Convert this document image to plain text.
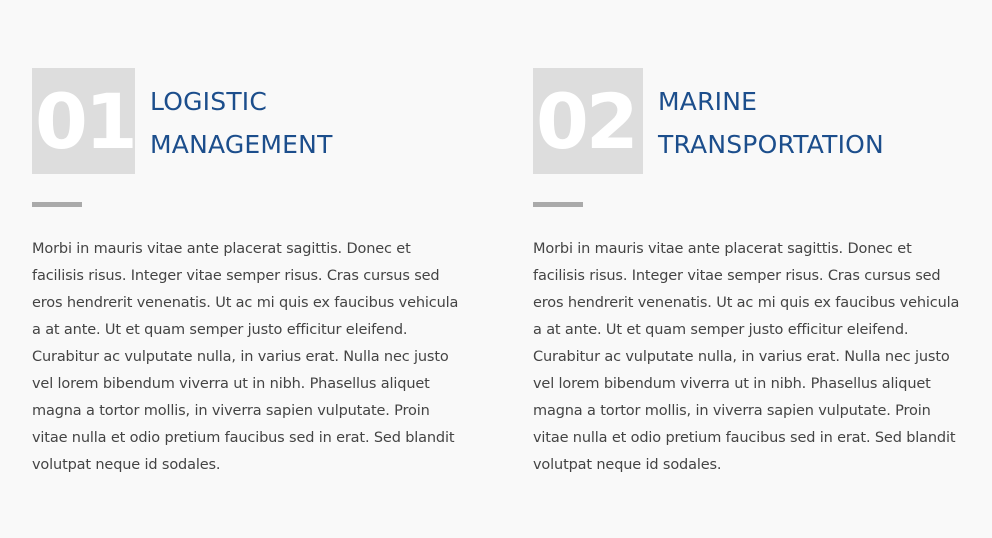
01 LOGISTIC
MANAGEMENT

Morbi in mauris vitae ante placerat sagittis. Donec et facilisis risus. Integer vitae semper risus. Cras cursus sed eros hendrerit venenatis. Ut ac mi quis ex faucibus vehicula a at ante. Ut et quam semper justo efficitur eleifend. Curabitur ac vulputate nulla, in varius erat. Nulla nec justo vel lorem bibendum viverra ut in nibh. Phasellus aliquet magna a tortor mollis, in viverra sapien vulputate. Proin vitae nulla et odio pretium faucibus sed in erat. Sed blandit volutpat neque id sodales.

02 MARINE
TRANSPORTATION

Morbi in mauris vitae ante placerat sagittis. Donec et facilisis risus. Integer vitae semper risus. Cras cursus sed eros hendrerit venenatis. Ut ac mi quis ex faucibus vehicula a at ante. Ut et quam semper justo efficitur eleifend. Curabitur ac vulputate nulla, in varius erat. Nulla nec justo vel lorem bibendum viverra ut in nibh. Phasellus aliquet magna a tortor mollis, in viverra sapien vulputate. Proin vitae nulla et odio pretium faucibus sed in erat. Sed blandit volutpat neque id sodales.
